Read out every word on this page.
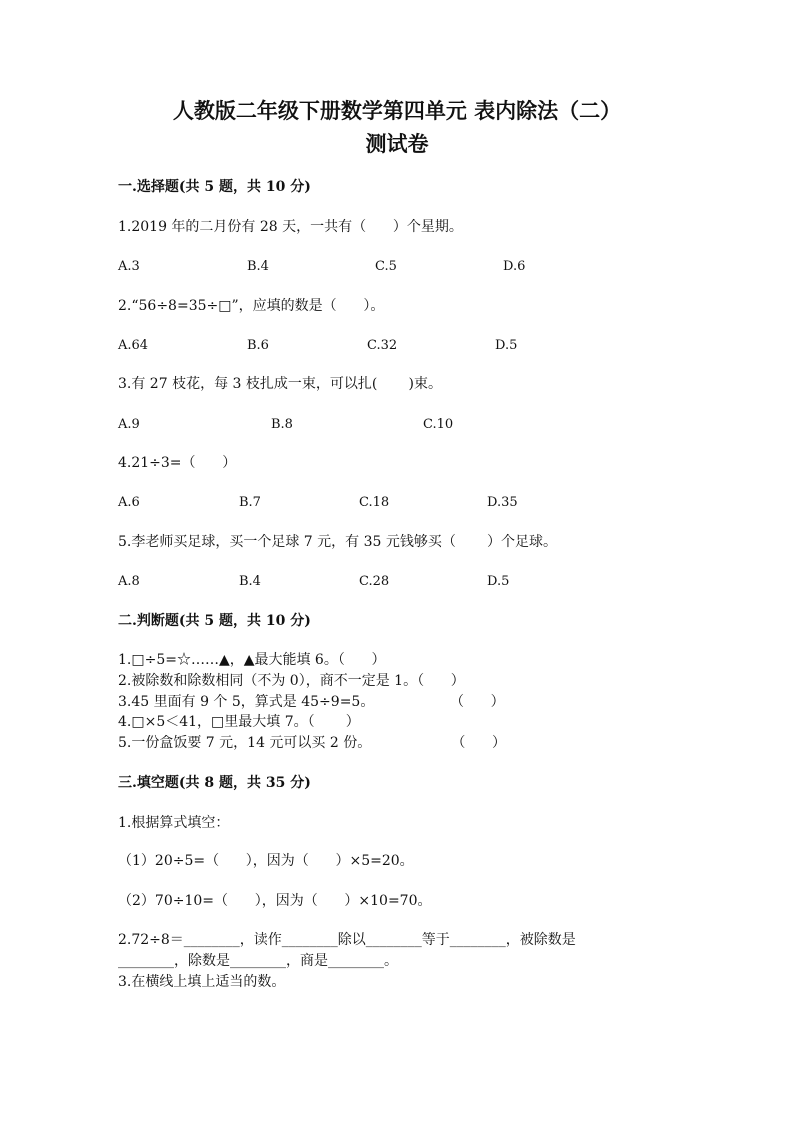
人教版二年级下册数学第四单元 表内除法（二）
测试卷
一.选择题(共 5 题，共 10 分)
1.2019 年的二月份有 28 天，一共有（      ）个星期。
A.3	B.4	C.5	D.6
2.“56÷8=35÷□”，应填的数是（      ）。
A.64	B.6	C.32	D.5
3.有 27 枝花，每 3 枝扎成一束，可以扎(       )束。
A.9	B.8	C.10
4.21÷3=（      ）
A.6	B.7	C.18	D.35
5.李老师买足球，买一个足球 7 元，有 35 元钱够买（       ）个足球。
A.8	B.4	C.28	D.5
二.判断题(共 5 题，共 10 分)
1.□÷5=☆……▲，▲最大能填 6。（      ）
2.被除数和除数相同（不为 0），商不一定是 1。（      ）
3.45 里面有 9 个 5，算式是 45÷9=5。                 （      ）
4.□×5＜41，□里最大填 7。（       ）
5.一份盒饭要 7 元，14 元可以买 2 份。                  （      ）
三.填空题(共 8 题，共 35 分)
1.根据算式填空：
（1）20÷5=（      ），因为（      ）×5=20。
（2）70÷10=（      ），因为（      ）×10=70。
2.72÷8＝________，读作________除以________等于________，被除数是
________，除数是________，商是________。
3.在横线上填上适当的数。
